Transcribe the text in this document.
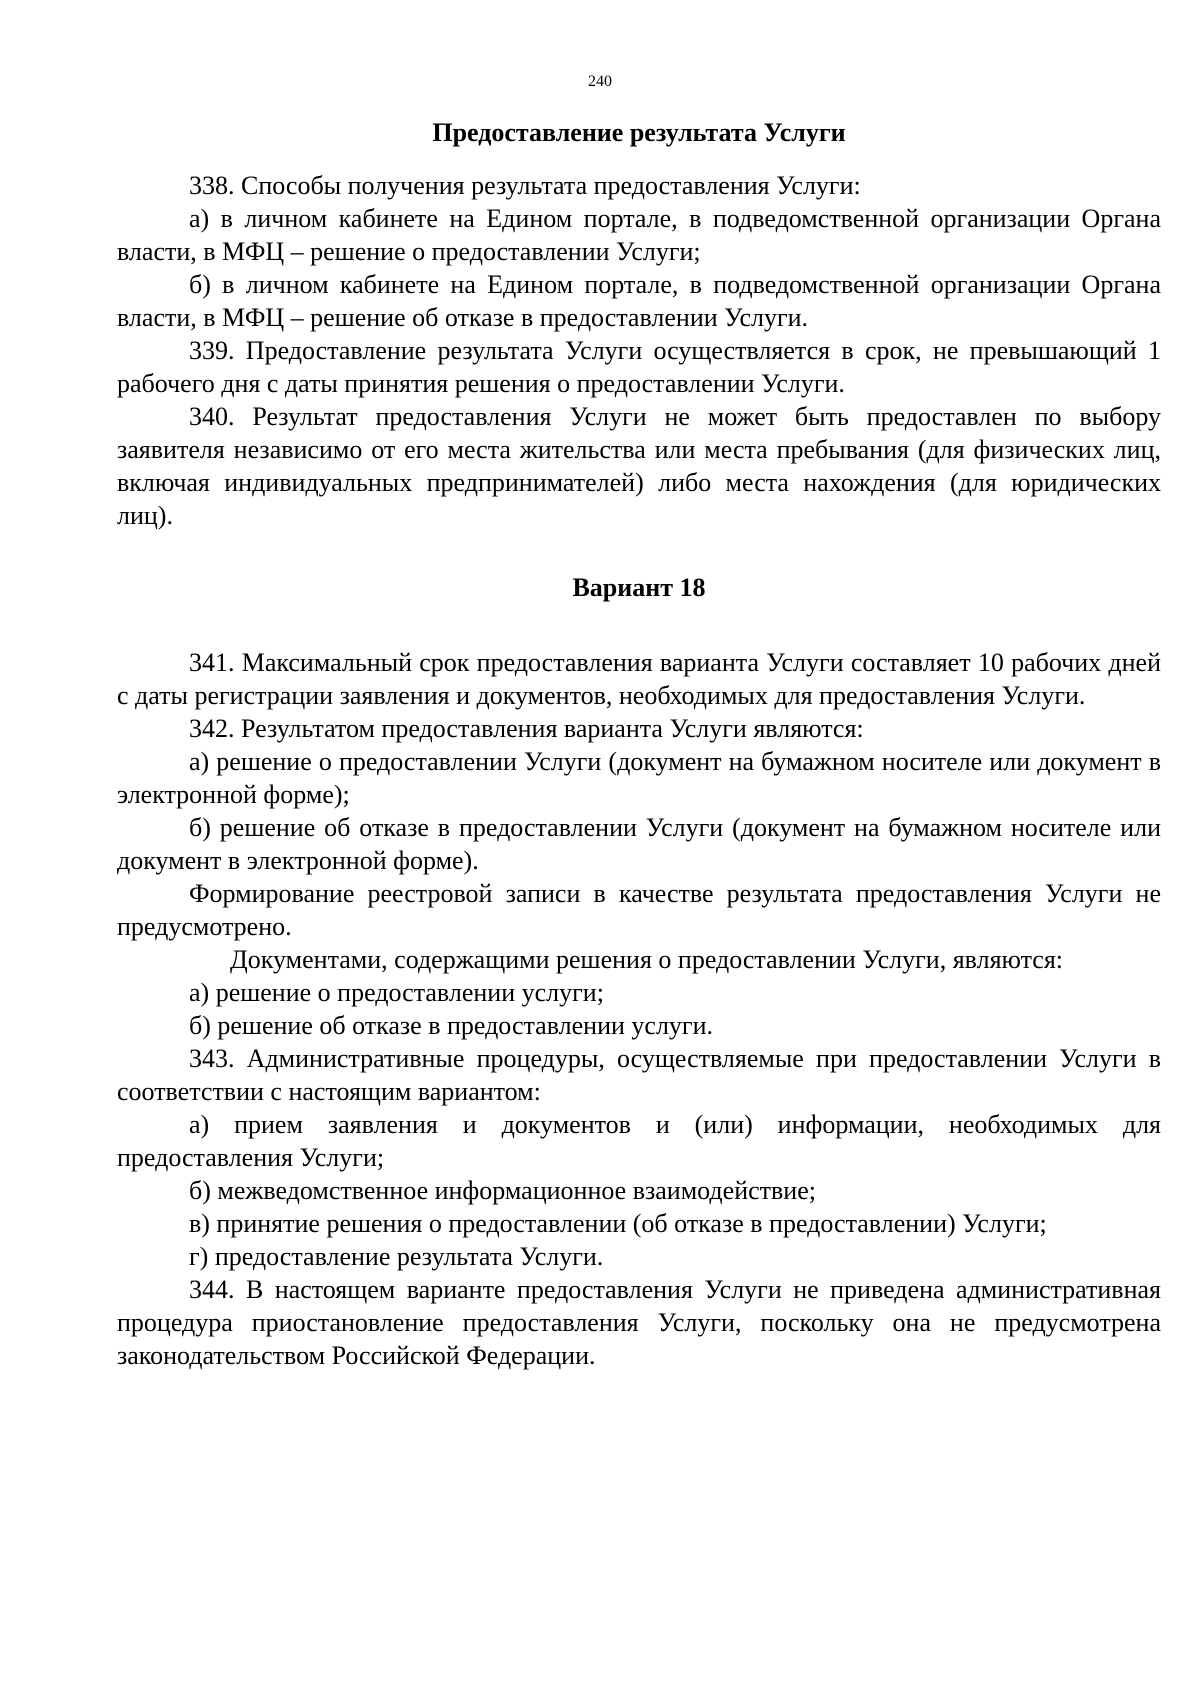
240
Предоставление результата Услуги

338. Способы получения результата предоставления Услуги:

а) в личном кабинете на Едином портале, в подведомственной организации Органа власти, в МФЦ – решение о предоставлении Услуги;

б) в личном кабинете на Едином портале, в подведомственной организации Органа власти, в МФЦ – решение об отказе в предоставлении Услуги.

339. Предоставление результата Услуги осуществляется в срок, не превышающий 1 рабочего дня с даты принятия решения о предоставлении Услуги.

340. Результат предоставления Услуги не может быть предоставлен по выбору заявителя независимо от его места жительства или места пребывания (для физических лиц, включая индивидуальных предпринимателей) либо места нахождения (для юридических лиц).

Вариант 18

341. Максимальный срок предоставления варианта Услуги составляет 10 рабочих дней с даты регистрации заявления и документов, необходимых для предоставления Услуги.

342. Результатом предоставления варианта Услуги являются:

а) решение о предоставлении Услуги (документ на бумажном носителе или документ в электронной форме);

б) решение об отказе в предоставлении Услуги (документ на бумажном носителе или документ в электронной форме).

Формирование реестровой записи в качестве результата предоставления Услуги не предусмотрено.

Документами, содержащими решения о предоставлении Услуги, являются:

а) решение о предоставлении услуги;

б) решение об отказе в предоставлении услуги.

343. Административные процедуры, осуществляемые при предоставлении Услуги в соответствии с настоящим вариантом:

а) прием заявления и документов и (или) информации, необходимых для предоставления Услуги;

б) межведомственное информационное взаимодействие;

в) принятие решения о предоставлении (об отказе в предоставлении) Услуги;

г) предоставление результата Услуги.

344. В настоящем варианте предоставления Услуги не приведена административная процедура приостановление предоставления Услуги, поскольку она не предусмотрена законодательством Российской Федерации.
